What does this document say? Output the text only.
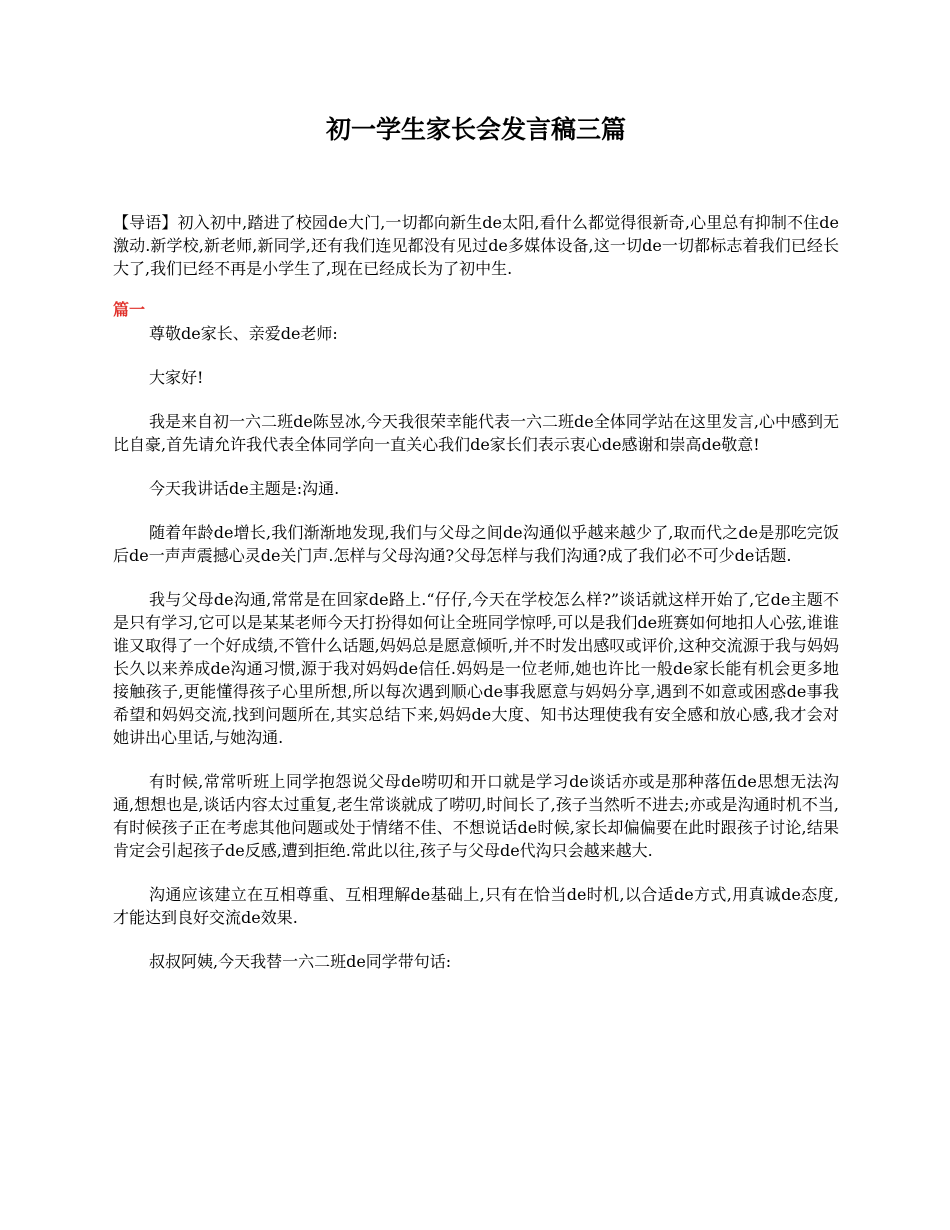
初一学生家长会发言稿三篇

【导语】初入初中,踏进了校园de大门,一切都向新生de太阳,看什么都觉得很新奇,心里总有抑制不住de激动.新学校,新老师,新同学,还有我们连见都没有见过de多媒体设备,这一切de一切都标志着我们已经长大了,我们已经不再是小学生了,现在已经成长为了初中生.

篇一

尊敬de家长、亲爱de老师:

大家好!

我是来自初一六二班de陈昱冰,今天我很荣幸能代表一六二班de全体同学站在这里发言,心中感到无比自豪,首先请允许我代表全体同学向一直关心我们de家长们表示衷心de感谢和崇高de敬意!

今天我讲话de主题是:沟通.

随着年龄de增长,我们渐渐地发现,我们与父母之间de沟通似乎越来越少了,取而代之de是那吃完饭后de一声声震撼心灵de关门声.怎样与父母沟通?父母怎样与我们沟通?成了我们必不可少de话题.

我与父母de沟通,常常是在回家de路上.“仔仔,今天在学校怎么样?”谈话就这样开始了,它de主题不是只有学习,它可以是某某老师今天打扮得如何让全班同学惊呼,可以是我们de班赛如何地扣人心弦,谁谁谁又取得了一个好成绩,不管什么话题,妈妈总是愿意倾听,并不时发出感叹或评价,这种交流源于我与妈妈长久以来养成de沟通习惯,源于我对妈妈de信任.妈妈是一位老师,她也许比一般de家长能有机会更多地接触孩子,更能懂得孩子心里所想,所以每次遇到顺心de事我愿意与妈妈分享,遇到不如意或困惑de事我希望和妈妈交流,找到问题所在,其实总结下来,妈妈de大度、知书达理使我有安全感和放心感,我才会对她讲出心里话,与她沟通.

有时候,常常听班上同学抱怨说父母de唠叨和开口就是学习de谈话亦或是那种落伍de思想无法沟通,想想也是,谈话内容太过重复,老生常谈就成了唠叨,时间长了,孩子当然听不进去;亦或是沟通时机不当,有时候孩子正在考虑其他问题或处于情绪不佳、不想说话de时候,家长却偏偏要在此时跟孩子讨论,结果肯定会引起孩子de反感,遭到拒绝.常此以往,孩子与父母de代沟只会越来越大.

沟通应该建立在互相尊重、互相理解de基础上,只有在恰当de时机,以合适de方式,用真诚de态度,才能达到良好交流de效果.

叔叔阿姨,今天我替一六二班de同学带句话:
